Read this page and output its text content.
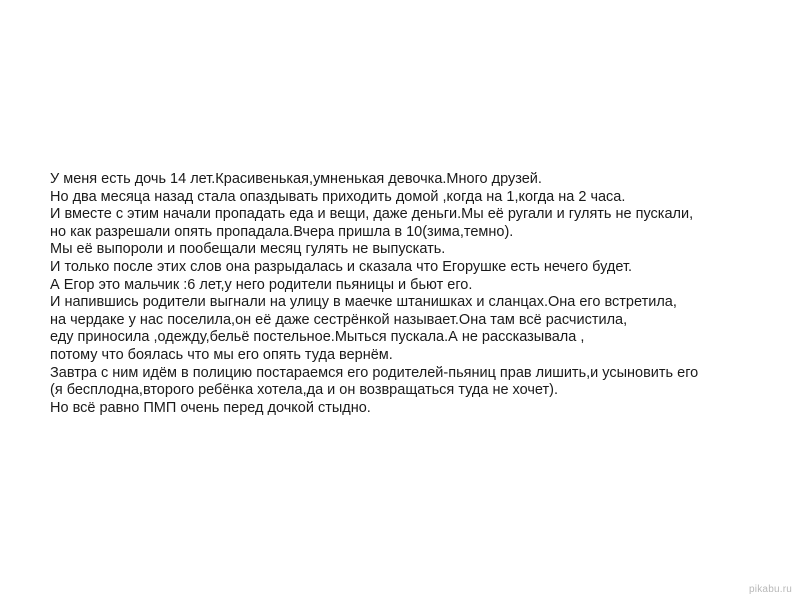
У меня есть дочь 14 лет.Красивенькая,умненькая девочка.Много друзей.
Но два месяца назад стала опаздывать приходить домой ,когда на 1,когда на 2 часа.
И вместе с этим начали пропадать еда и вещи, даже деньги.Мы её ругали и гулять не пускали,
но как разрешали опять пропадала.Вчера пришла в 10(зима,темно).
Мы её выпороли и пообещали месяц гулять не выпускать.
И только после этих слов она разрыдалась и сказала что Егорушке есть нечего будет.
А Егор это мальчик :6 лет,у него родители пьяницы и бьют его.
И напившись родители выгнали на улицу в маечке штанишках и сланцах.Она его встретила,
на чердаке у нас поселила,он её даже сестрёнкой называет.Она там всё расчистила,
еду приносила ,одежду,бельё постельное.Мыться пускала.А не рассказывала ,
потому что боялась что мы его опять туда вернём.
Завтра с ним идём в полицию постараемся его родителей-пьяниц прав лишить,и усыновить его
(я бесплодна,второго ребёнка хотела,да и он возвращаться туда не хочет).
Но всё равно ПМП очень перед дочкой стыдно.
pikabu.ru
